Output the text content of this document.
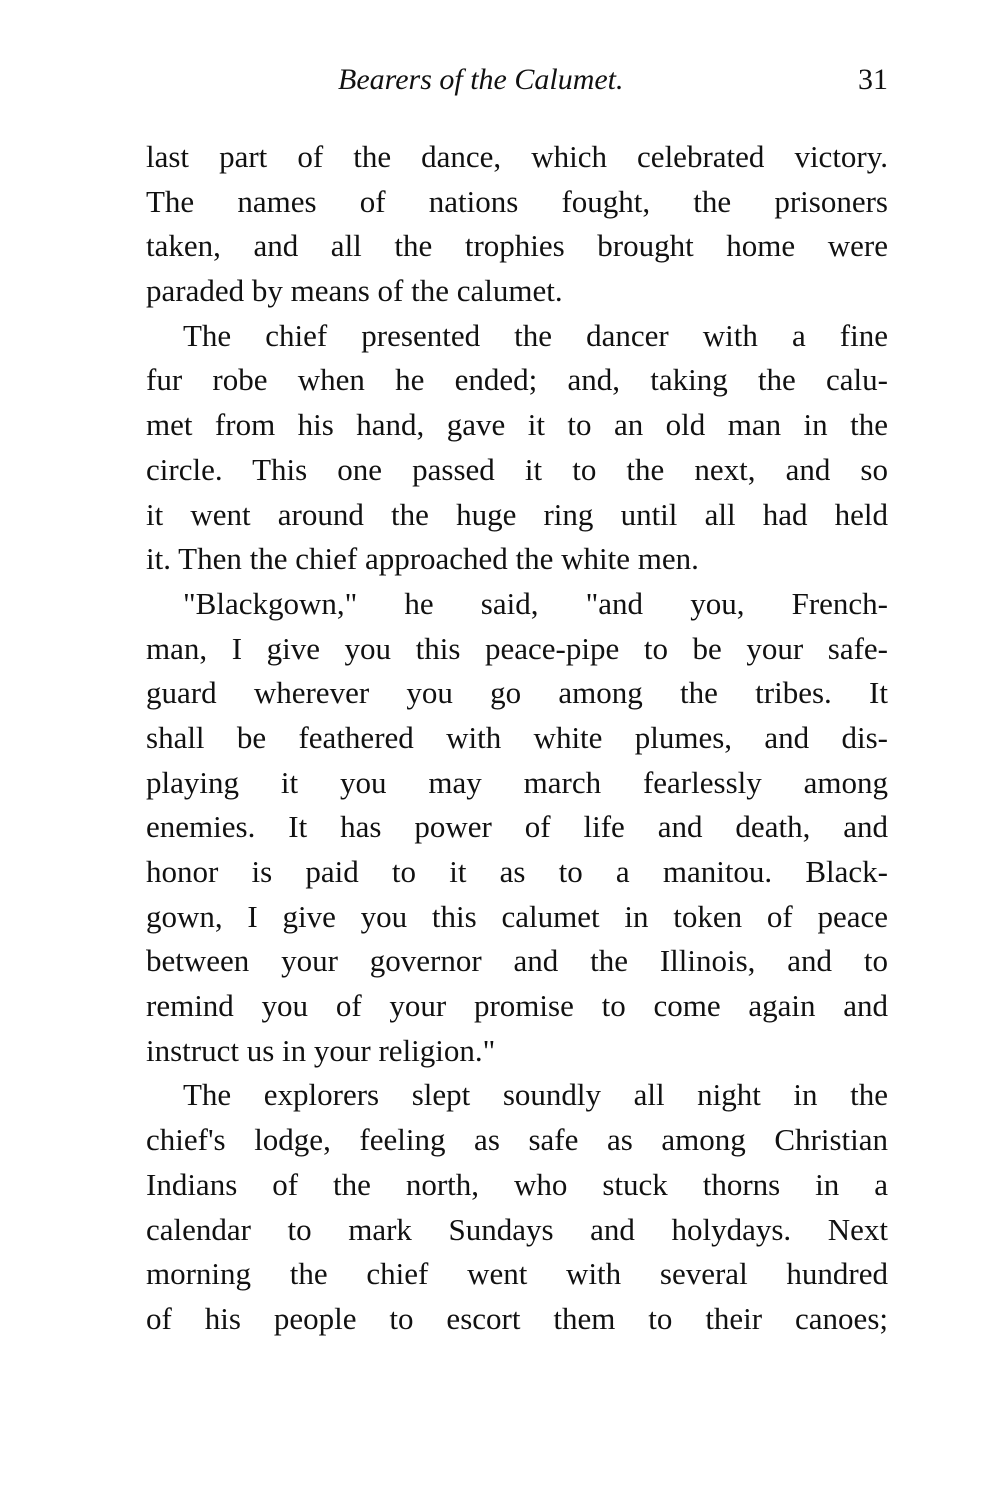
Bearers of the Calumet.	31
last part of the dance, which celebrated victory.
The names of nations fought, the prisoners
taken, and all the trophies brought home were
paraded by means of the calumet.
The chief presented the dancer with a fine
fur robe when he ended; and, taking the calu-
met from his hand, gave it to an old man in the
circle. This one passed it to the next, and so
it went around the huge ring until all had held
it. Then the chief approached the white men.
"Blackgown," he said, "and you, French-
man, I give you this peace-pipe to be your safe-
guard wherever you go among the tribes. It
shall be feathered with white plumes, and dis-
playing it you may march fearlessly among
enemies. It has power of life and death, and
honor is paid to it as to a manitou. Black-
gown, I give you this calumet in token of peace
between your governor and the Illinois, and to
remind you of your promise to come again and
instruct us in your religion."
The explorers slept soundly all night in the
chief's lodge, feeling as safe as among Christian
Indians of the north, who stuck thorns in a
calendar to mark Sundays and holydays. Next
morning the chief went with several hundred
of his people to escort them to their canoes;
